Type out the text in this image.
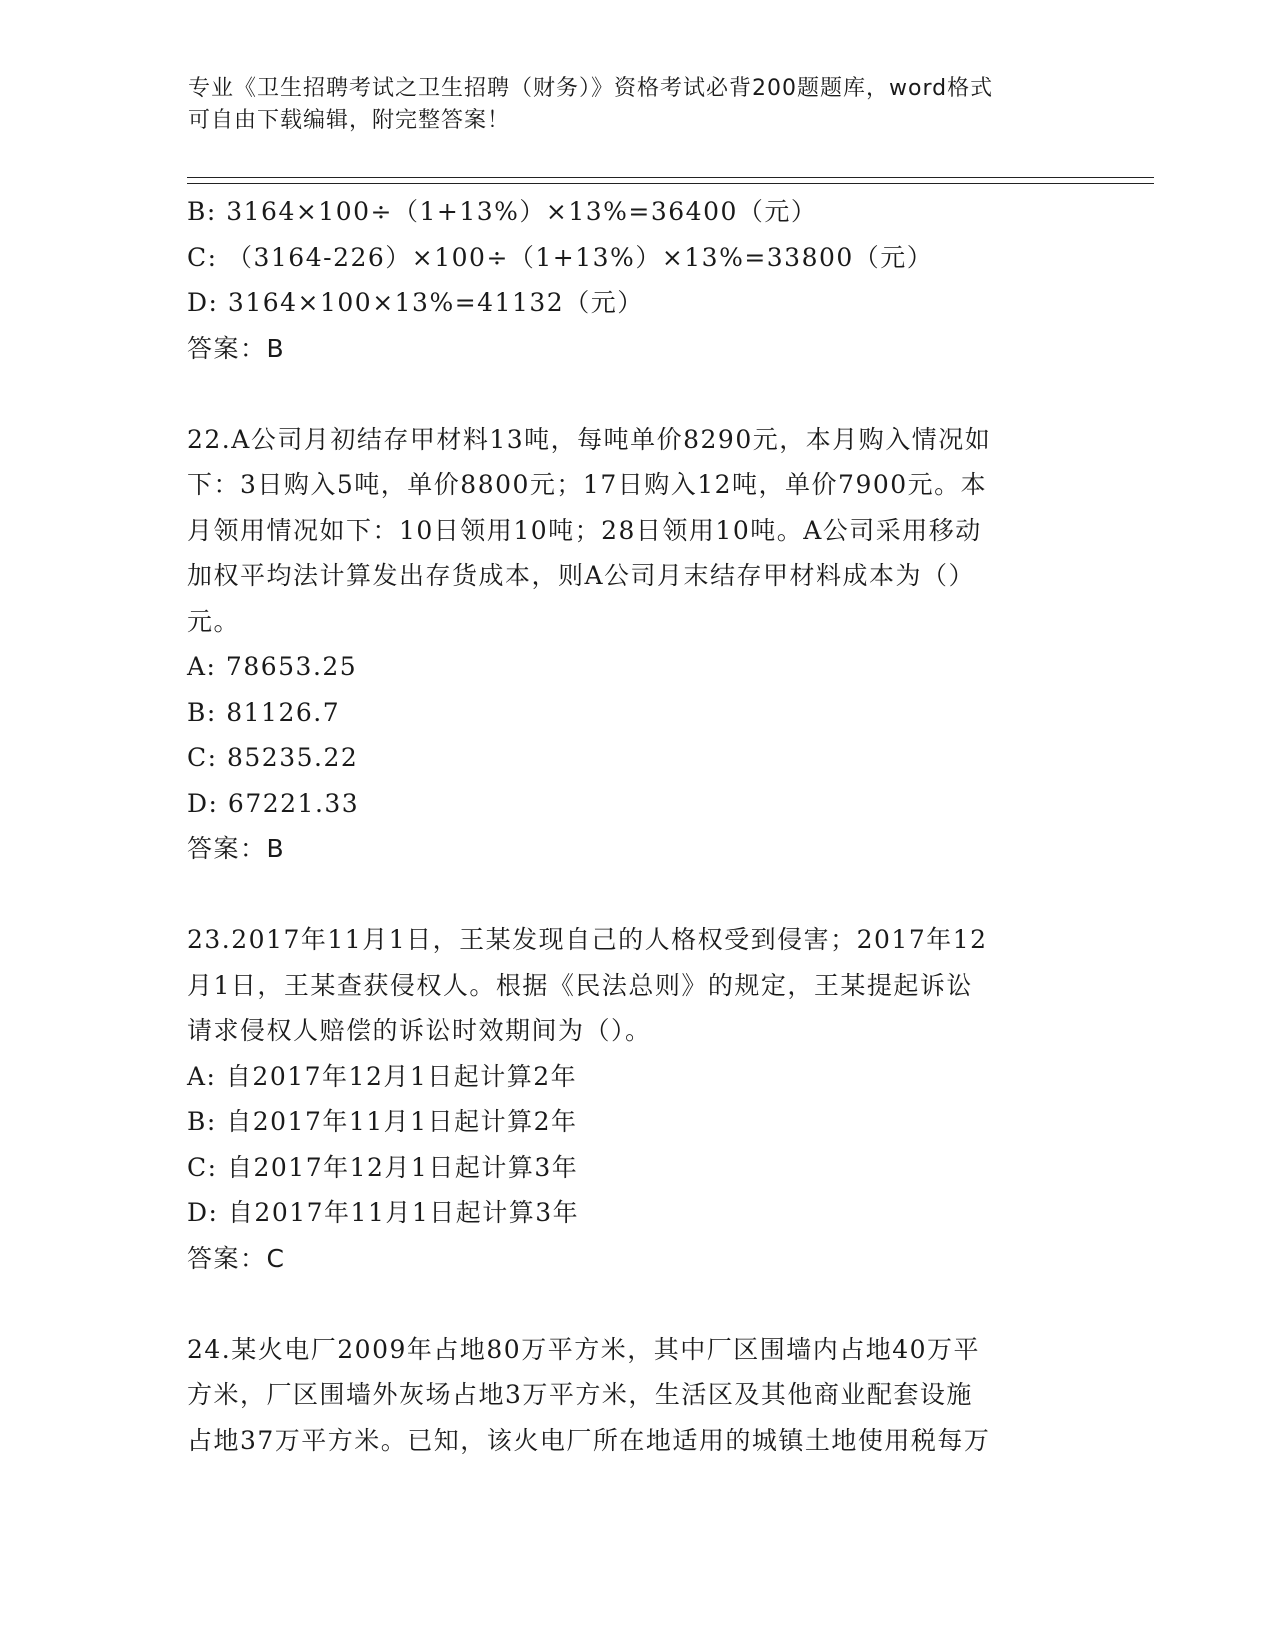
专业《卫生招聘考试之卫生招聘（财务）》资格考试必背200题题库，word格式
可自由下载编辑，附完整答案！
B: 3164×100÷（1+13%）×13%=36400（元）
C: （3164-226）×100÷（1+13%）×13%=33800（元）
D: 3164×100×13%=41132（元）
答案：B
22.A公司月初结存甲材料13吨，每吨单价8290元，本月购入情况如
下：3日购入5吨，单价8800元；17日购入12吨，单价7900元。本
月领用情况如下：10日领用10吨；28日领用10吨。A公司采用移动
加权平均法计算发出存货成本，则A公司月末结存甲材料成本为（）
元。
A: 78653.25
B: 81126.7
C: 85235.22
D: 67221.33
答案：B
23.2017年11月1日，王某发现自己的人格权受到侵害；2017年12
月1日，王某查获侵权人。根据《民法总则》的规定，王某提起诉讼
请求侵权人赔偿的诉讼时效期间为（）。
A: 自2017年12月1日起计算2年
B: 自2017年11月1日起计算2年
C: 自2017年12月1日起计算3年
D: 自2017年11月1日起计算3年
答案：C
24.某火电厂2009年占地80万平方米，其中厂区围墙内占地40万平
方米，厂区围墙外灰场占地3万平方米，生活区及其他商业配套设施
占地37万平方米。已知，该火电厂所在地适用的城镇土地使用税每万
